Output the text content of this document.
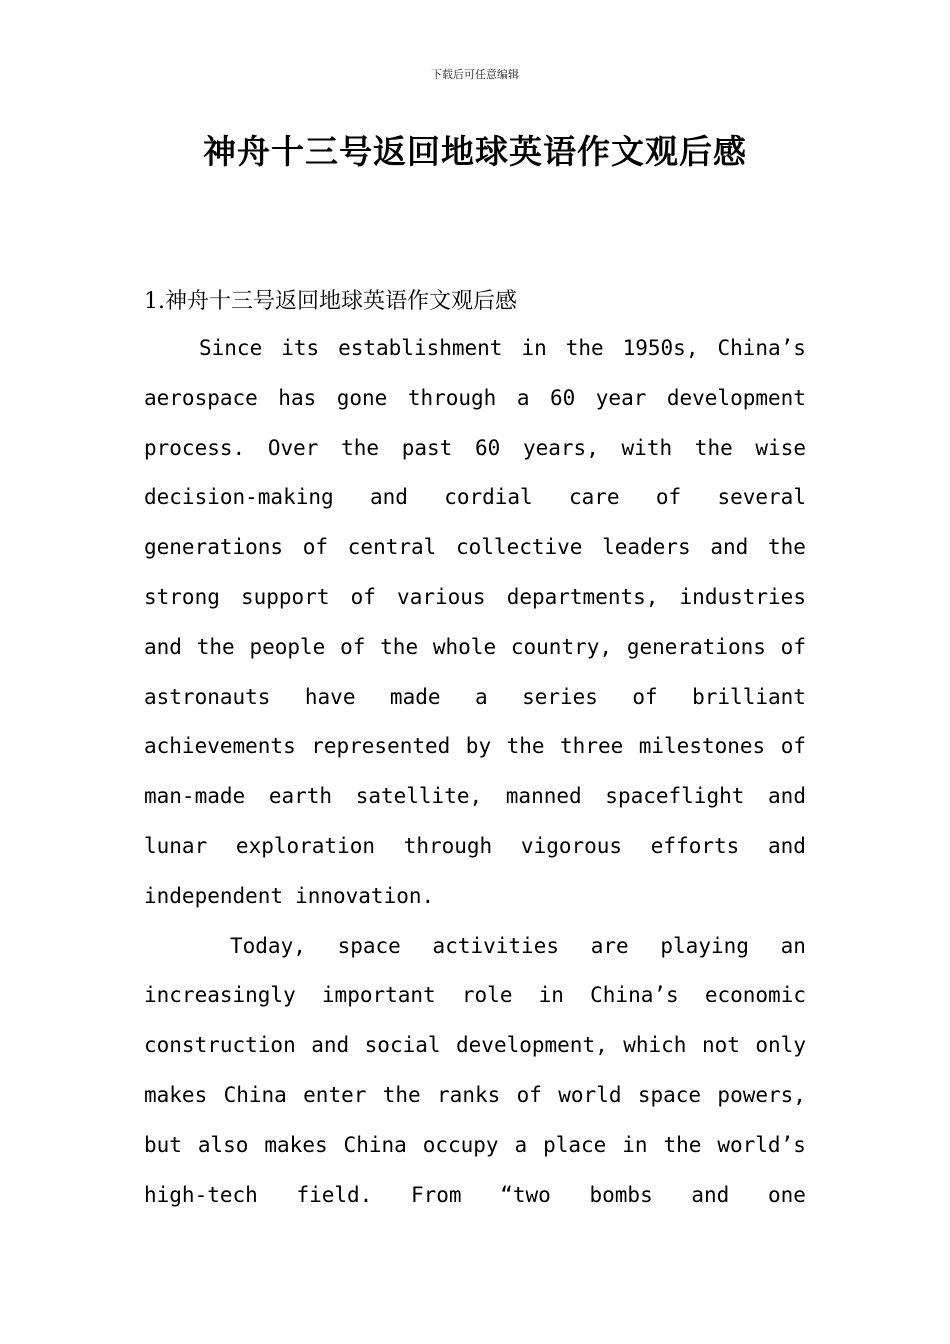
下载后可任意编辑
神舟十三号返回地球英语作文观后感
1.神舟十三号返回地球英语作文观后感
Since its establishment in the 1950s, China’s
aerospace has gone through a 60 year development
process. Over the past 60 years, with the wise
decision-making and cordial care of several
generations of central collective leaders and the
strong support of various departments, industries
and the people of the whole country, generations of
astronauts have made a series of brilliant
achievements represented by the three milestones of
man-made earth satellite, manned spaceflight and
lunar exploration through vigorous efforts and
independent innovation.
Today, space activities are playing an
increasingly important role in China’s economic
construction and social development, which not only
makes China enter the ranks of world space powers,
but also makes China occupy a place in the world’s
high-tech field. From “two bombs and one
